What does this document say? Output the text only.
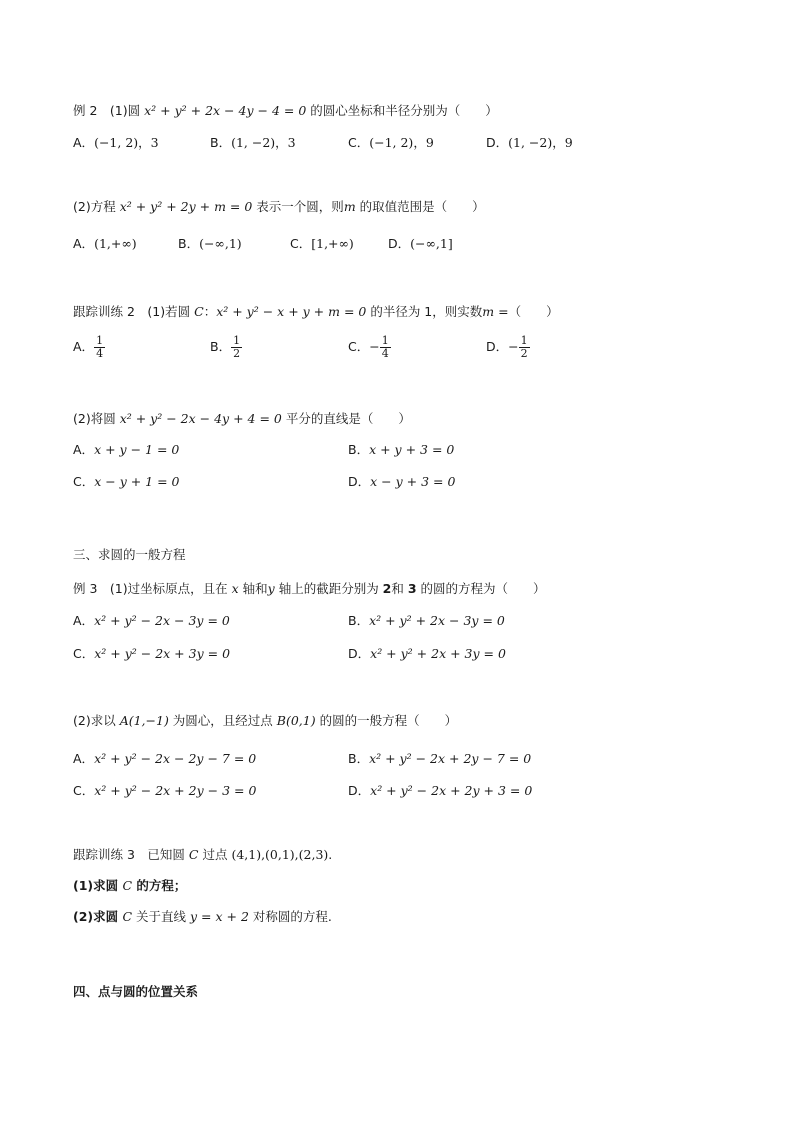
例 2　(1)圆 x² + y² + 2x − 4y − 4 = 0 的圆心坐标和半径分别为（　　）
A．(−1, 2)，3	B．(1, −2)，3	C．(−1, 2)，9	D．(1, −2)，9
(2)方程 x² + y² + 2y + m = 0 表示一个圆，则m 的取值范围是（　　）
A．(1,+∞)	B．(−∞,1)	C．[1,+∞)	D．(−∞,1]
跟踪训练 2　(1)若圆 C：x² + y² − x + y + m = 0 的半径为 1，则实数m =（　　）
A． $\frac{1}{4}$	B． $\frac{1}{2}$	C．− $\frac{1}{4}$	D．− $\frac{1}{2}$
(2)将圆 x² + y² − 2x − 4y + 4 = 0 平分的直线是（　　）
A．x + y − 1 = 0	B．x + y + 3 = 0
C．x − y + 1 = 0	D．x − y + 3 = 0
三、求圆的一般方程
例 3　(1)过坐标原点，且在 x 轴和y 轴上的截距分别为 2和 3 的圆的方程为（　　）
A．x² + y² − 2x − 3y = 0	B．x² + y² + 2x − 3y = 0
C．x² + y² − 2x + 3y = 0	D．x² + y² + 2x + 3y = 0
(2)求以 A(1,−1) 为圆心，且经过点 B(0,1) 的圆的一般方程（　　）
A．x² + y² − 2x − 2y − 7 = 0	B．x² + y² − 2x + 2y − 7 = 0
C．x² + y² − 2x + 2y − 3 = 0	D．x² + y² − 2x + 2y + 3 = 0
跟踪训练 3　已知圆 C 过点 (4,1),(0,1),(2,3).
(1)求圆 C 的方程；
(2)求圆 C 关于直线 y = x + 2 对称圆的方程.
四、点与圆的位置关系
